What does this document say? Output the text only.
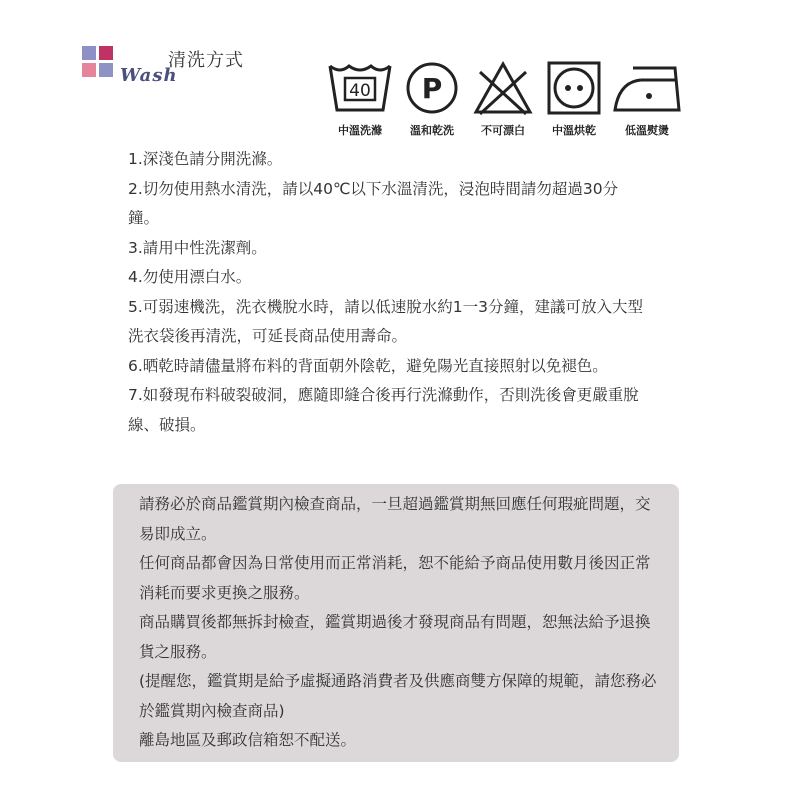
Wash
清洗方式
40
中溫洗滌
P
溫和乾洗 不可漂白 中溫烘乾	低溫熨燙

1.深淺色請分開洗滌。

2.切勿使用熱水清洗，請以40℃以下水溫清洗，浸泡時間請勿超過30分鐘。

3.請用中性洗潔劑。

4.勿使用漂白水。

5.可弱速機洗，洗衣機脫水時，請以低速脫水約1一3分鐘，建議可放入大型洗衣袋後再清洗，可延長商品使用壽命。

6.晒乾時請儘量將布料的背面朝外陰乾，避免陽光直接照射以免褪色。

7.如發現布料破裂破洞，應隨即縫合後再行洗滌動作，否則洗後會更嚴重脫線、破損。

請務必於商品鑑賞期內檢查商品，一旦超過鑑賞期無回應任何瑕疵問題，交易即成立。

任何商品都會因為日常使用而正常消耗，恕不能給予商品使用數月後因正常消耗而要求更換之服務。

商品購買後都無拆封檢查，鑑賞期過後才發現商品有問題，恕無法給予退換貨之服務。

(提醒您，鑑賞期是給予虛擬通路消費者及供應商雙方保障的規範，請您務必於鑑賞期內檢查商品)

離島地區及郵政信箱恕不配送。
